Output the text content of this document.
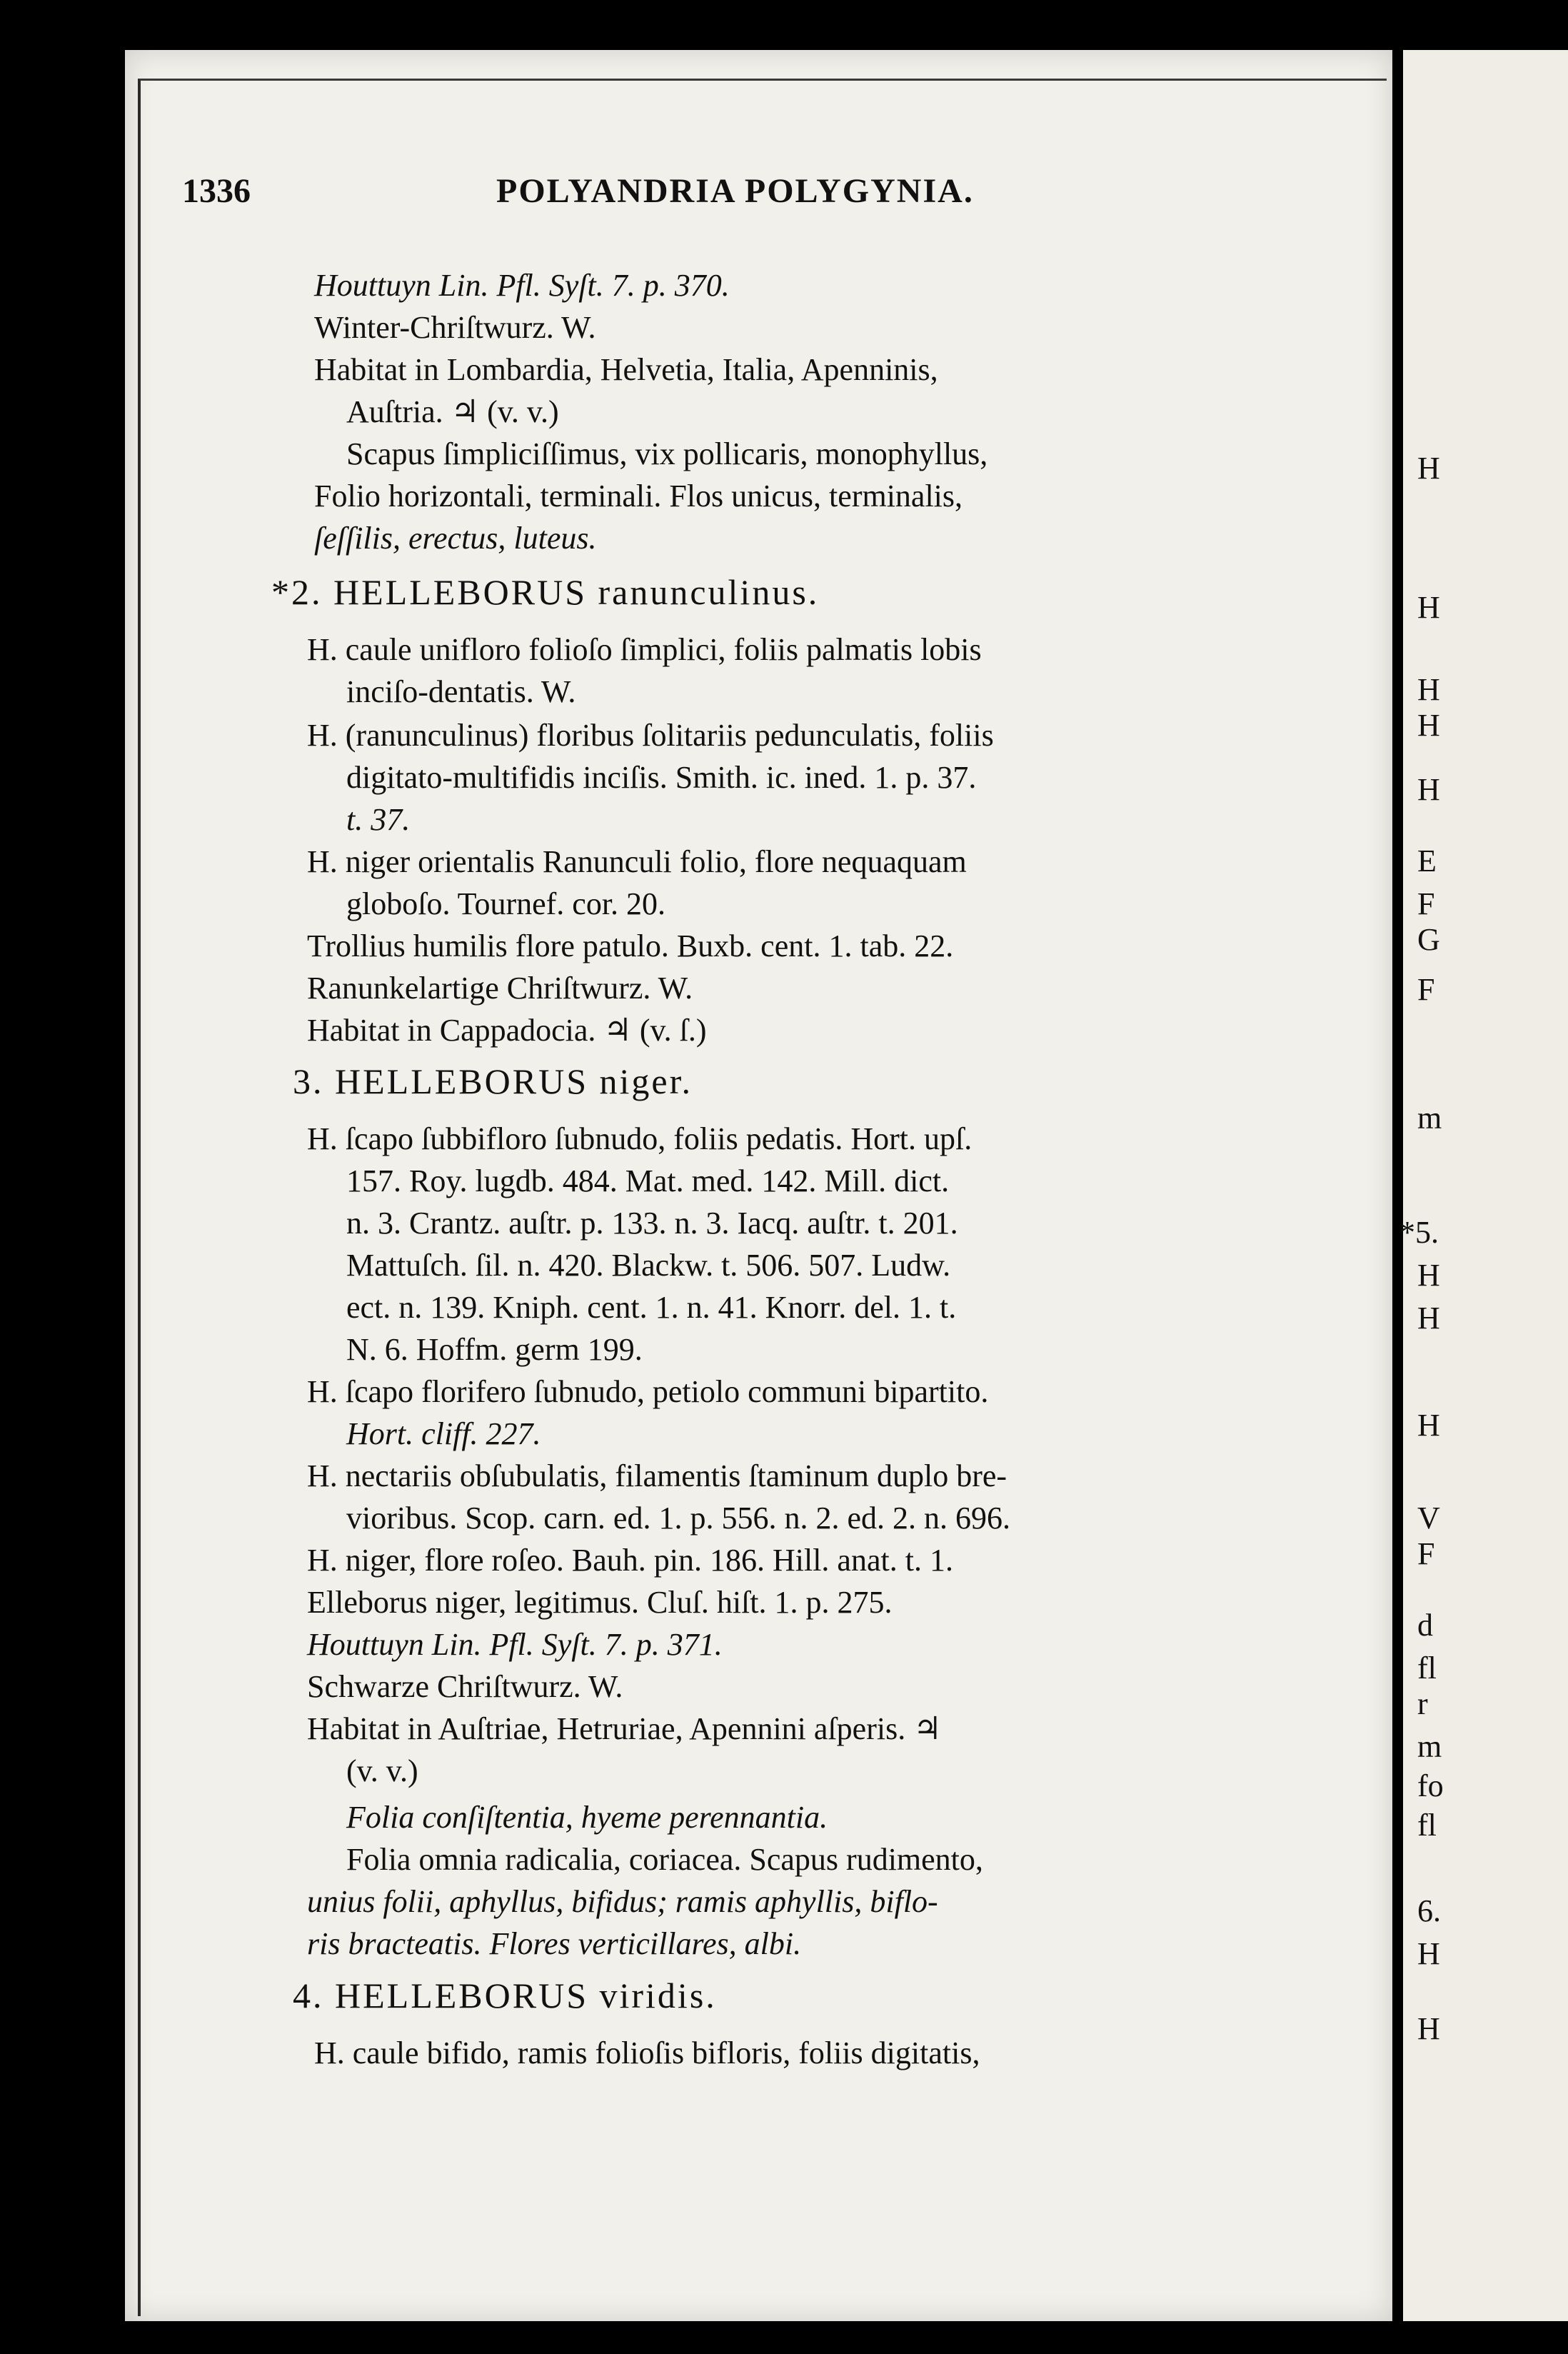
H
H
H
H
H
E
F
G
F
m
*5.
H
H
H
V
F
d
fl
r
m
fo
fl
6.
H
H
1336	POLYANDRIA POLYGYNIA.
Houttuyn Lin. Pfl. Syſt. 7. p. 370.
Winter-Chriſtwurz. W.
Habitat in Lombardia, Helvetia, Italia, Apenninis,
Auſtria. ♃ (v. v.)
Scapus ſimpliciſſimus, vix pollicaris, monophyllus,
Folio horizontali, terminali. Flos unicus, terminalis,
ſeſſilis, erectus, luteus.
*2. HELLEBORUS ranunculinus.
H. caule unifloro folioſo ſimplici, foliis palmatis lobis
inciſo-dentatis. W.
H. (ranunculinus) floribus ſolitariis pedunculatis, foliis
digitato-multifidis inciſis. Smith. ic. ined. 1. p. 37.
t. 37.
H. niger orientalis Ranunculi folio, flore nequaquam
globoſo. Tournef. cor. 20.
Trollius humilis flore patulo. Buxb. cent. 1. tab. 22.
Ranunkelartige Chriſtwurz. W.
Habitat in Cappadocia. ♃ (v. ſ.)
3. HELLEBORUS niger.
H. ſcapo ſubbifloro ſubnudo, foliis pedatis. Hort. upſ.
157. Roy. lugdb. 484. Mat. med. 142. Mill. dict.
n. 3. Crantz. auſtr. p. 133. n. 3. Iacq. auſtr. t. 201.
Mattuſch. ſil. n. 420. Blackw. t. 506. 507. Ludw.
ect. n. 139. Kniph. cent. 1. n. 41. Knorr. del. 1. t.
N. 6. Hoffm. germ 199.
H. ſcapo florifero ſubnudo, petiolo communi bipartito.
Hort. cliff. 227.
H. nectariis obſubulatis, filamentis ſtaminum duplo bre-
vioribus. Scop. carn. ed. 1. p. 556. n. 2. ed. 2. n. 696.
H. niger, flore roſeo. Bauh. pin. 186. Hill. anat. t. 1.
Elleborus niger, legitimus. Cluſ. hiſt. 1. p. 275.
Houttuyn Lin. Pfl. Syſt. 7. p. 371.
Schwarze Chriſtwurz. W.
Habitat in Auſtriae, Hetruriae, Apennini aſperis. ♃
(v. v.)
Folia conſiſtentia, hyeme perennantia.
Folia omnia radicalia, coriacea. Scapus rudimento,
unius folii, aphyllus, bifidus; ramis aphyllis, biflo-
ris bracteatis. Flores verticillares, albi.
4. HELLEBORUS viridis.
H. caule bifido, ramis folioſis bifloris, foliis digitatis,
